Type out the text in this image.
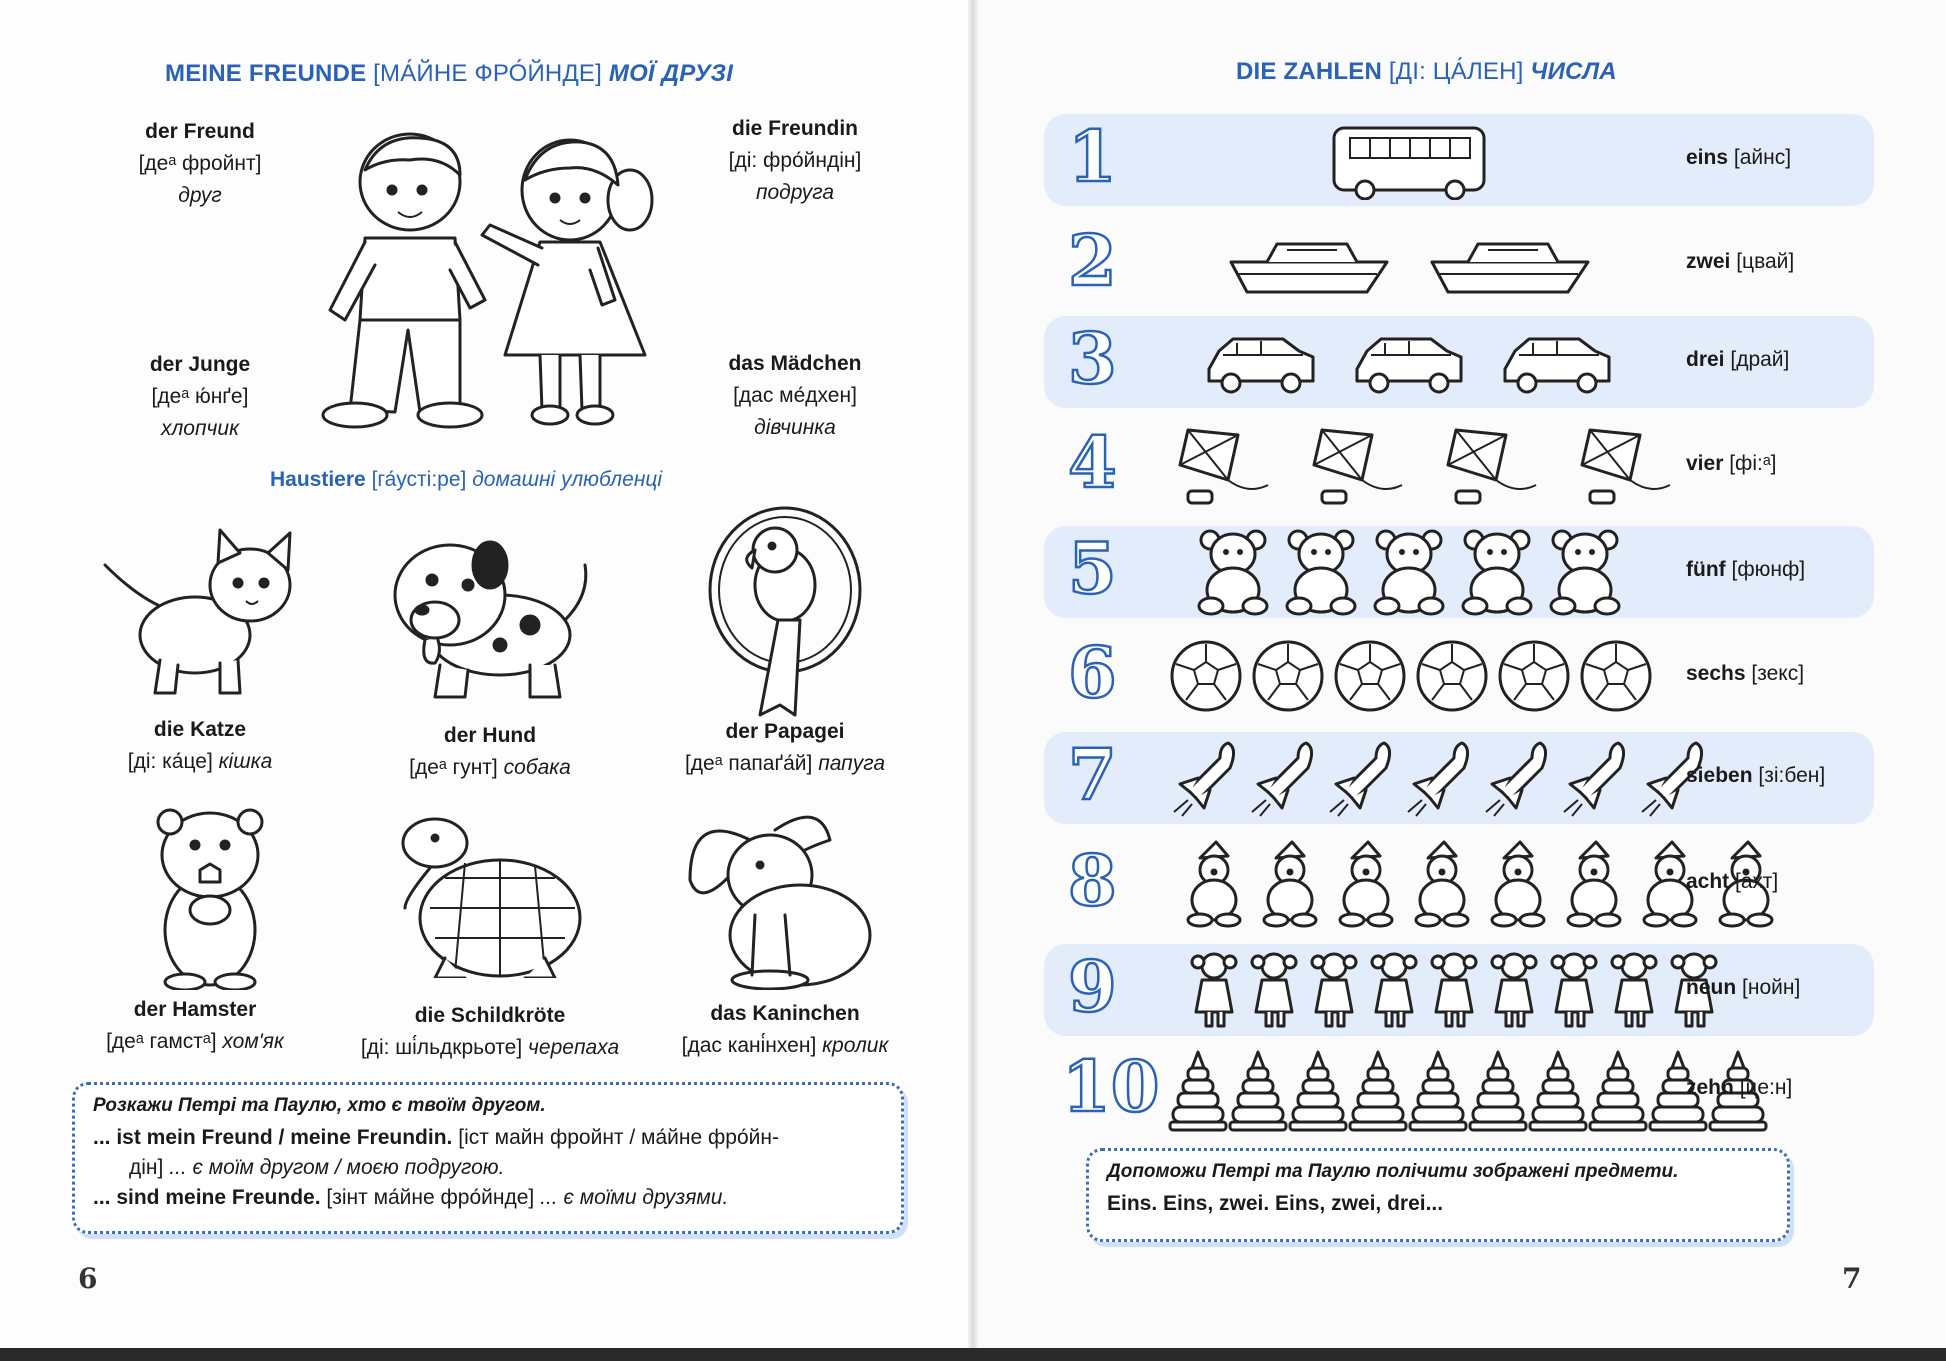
MEINE FREUNDE [МА́ЙНЕ ФРО́ЙНДЕ] МОЇ ДРУЗІ
der Freund
[деᵃ фройнт]
друг
die Freundin
[ді: фро́йндін]
подруга
der Junge
[деᵃ ю́нґе]
хлопчик
das Mädchen
[дас ме́дхен]
дівчинка
Haustiere [га́усті:ре] домашні улюбленці
die Katze
[ді: ка́це] кішка
der Hund
[деᵃ гунт] собака
der Papagei
[деᵃ папаґа́й] папуга
der Hamster
[деᵃ гамстᵃ] хом'як
die Schildkröte
[ді: ші́льдкрьоте] черепаха
das Kaninchen
[дас кані́нхен] кролик
Розкажи Петрі та Паулю, хто є твоїм другом.
... ist mein Freund / meine Freundin. [іст майн фройнт / ма́йне фро́йн-
дін] ... є моїм другом / моєю подругою.
... sind meine Freunde. [зінт ма́йне фро́йнде] ... є моїми друзями.
6
DIE ZAHLEN [ДІ: ЦА́ЛЕН] ЧИСЛА
1	eins [айнс]
2	zwei [цвай]
3	drei [драй]
4	vier [фі:ᵃ]
5	fünf [фюнф]
6	sechs [зекс]
7	sieben [зі:бен]
8	acht [ахт]
9	neun [нойн]
10	zehn [це:н]
Допоможи Петрі та Паулю полічити зображені предмети.
Eins. Eins, zwei. Eins, zwei, drei...
7
